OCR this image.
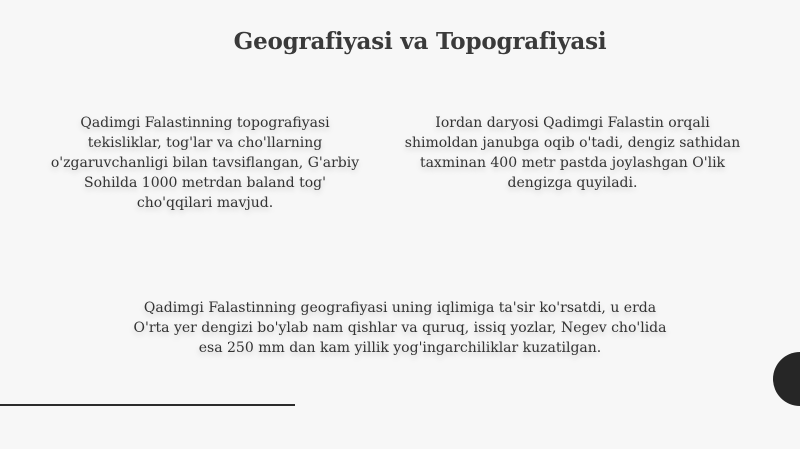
Geografiyasi va Topografiyasi
Qadimgi Falastinning topografiyasi tekisliklar, tog'lar va cho'llarning o'zgaruvchanligi bilan tavsiflangan, G'arbiy Sohilda 1000 metrdan baland tog' cho'qqilari mavjud.
Iordan daryosi Qadimgi Falastin orqali shimoldan janubga oqib o'tadi, dengiz sathidan taxminan 400 metr pastda joylashgan O'lik dengizga quyiladi.
Qadimgi Falastinning geografiyasi uning iqlimiga ta'sir ko'rsatdi, u erda O'rta yer dengizi bo'ylab nam qishlar va quruq, issiq yozlar, Negev cho'lida esa 250 mm dan kam yillik yog'ingarchiliklar kuzatilgan.
